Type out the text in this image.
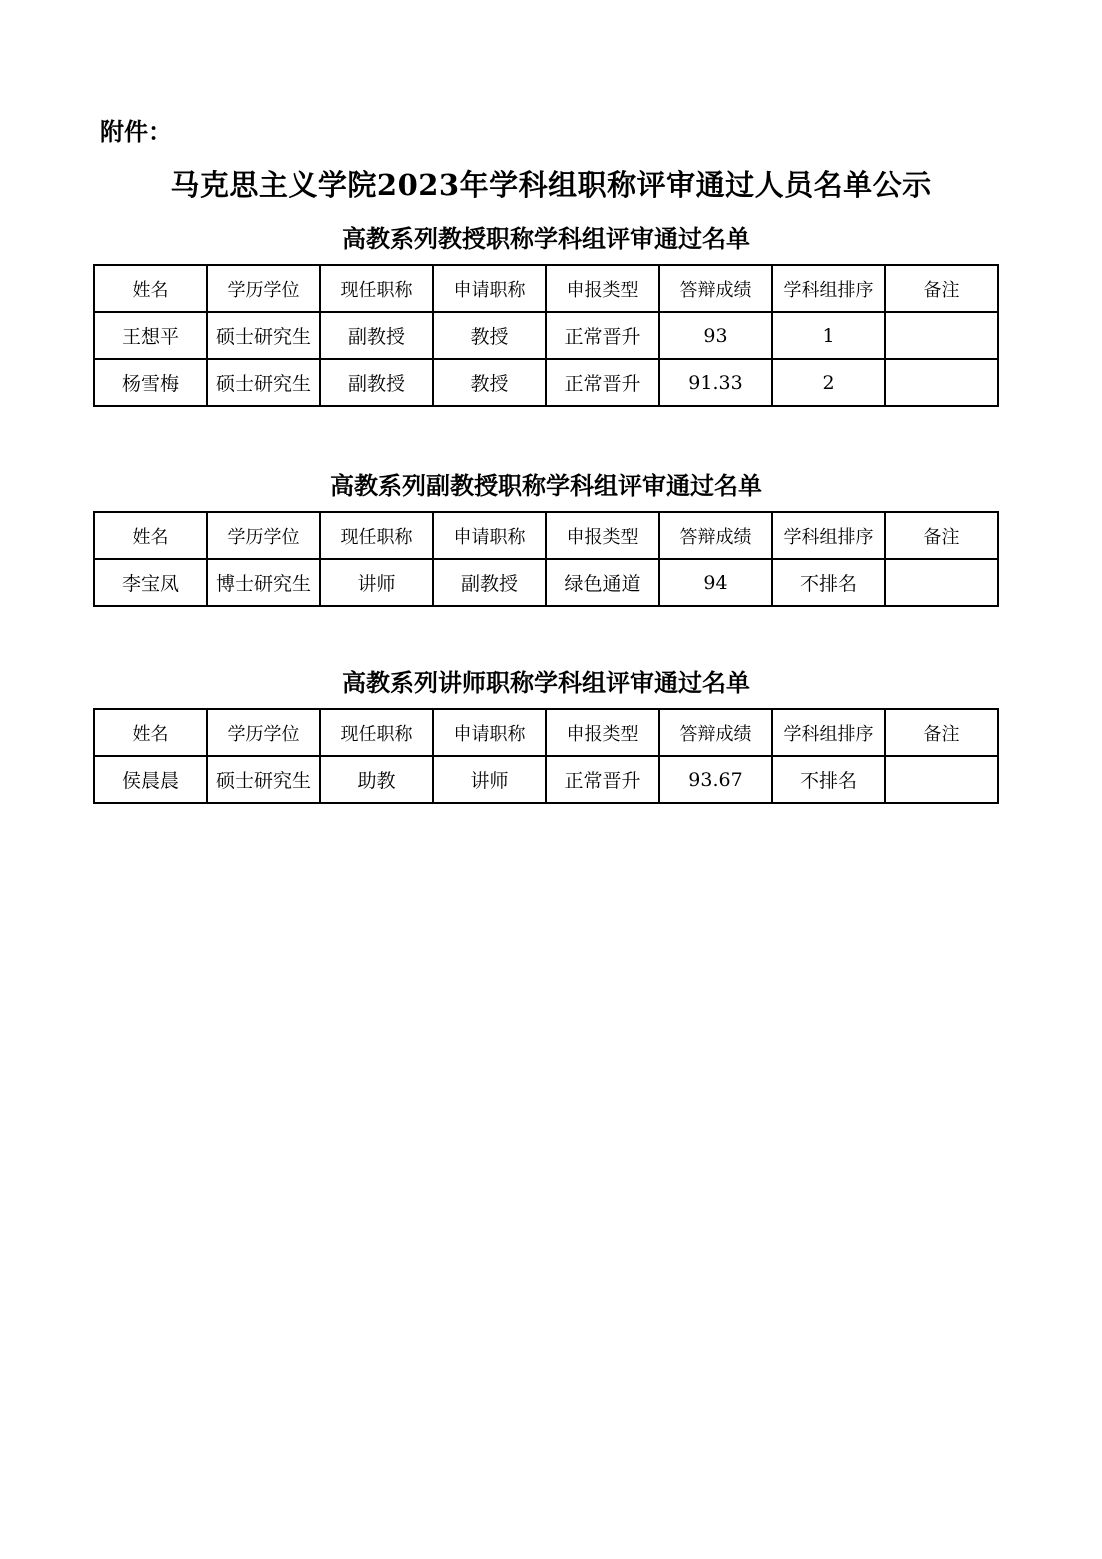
附件：
马克思主义学院2023年学科组职称评审通过人员名单公示
高教系列教授职称学科组评审通过名单
姓名	学历学位	现任职称	申请职称	申报类型	答辩成绩	学科组排序	备注
王想平	硕士研究生	副教授	教授	正常晋升	93	1	
杨雪梅	硕士研究生	副教授	教授	正常晋升	91.33	2	
高教系列副教授职称学科组评审通过名单
姓名	学历学位	现任职称	申请职称	申报类型	答辩成绩	学科组排序	备注
李宝凤	博士研究生	讲师	副教授	绿色通道	94	不排名	
高教系列讲师职称学科组评审通过名单
姓名	学历学位	现任职称	申请职称	申报类型	答辩成绩	学科组排序	备注
侯晨晨	硕士研究生	助教	讲师	正常晋升	93.67	不排名	
